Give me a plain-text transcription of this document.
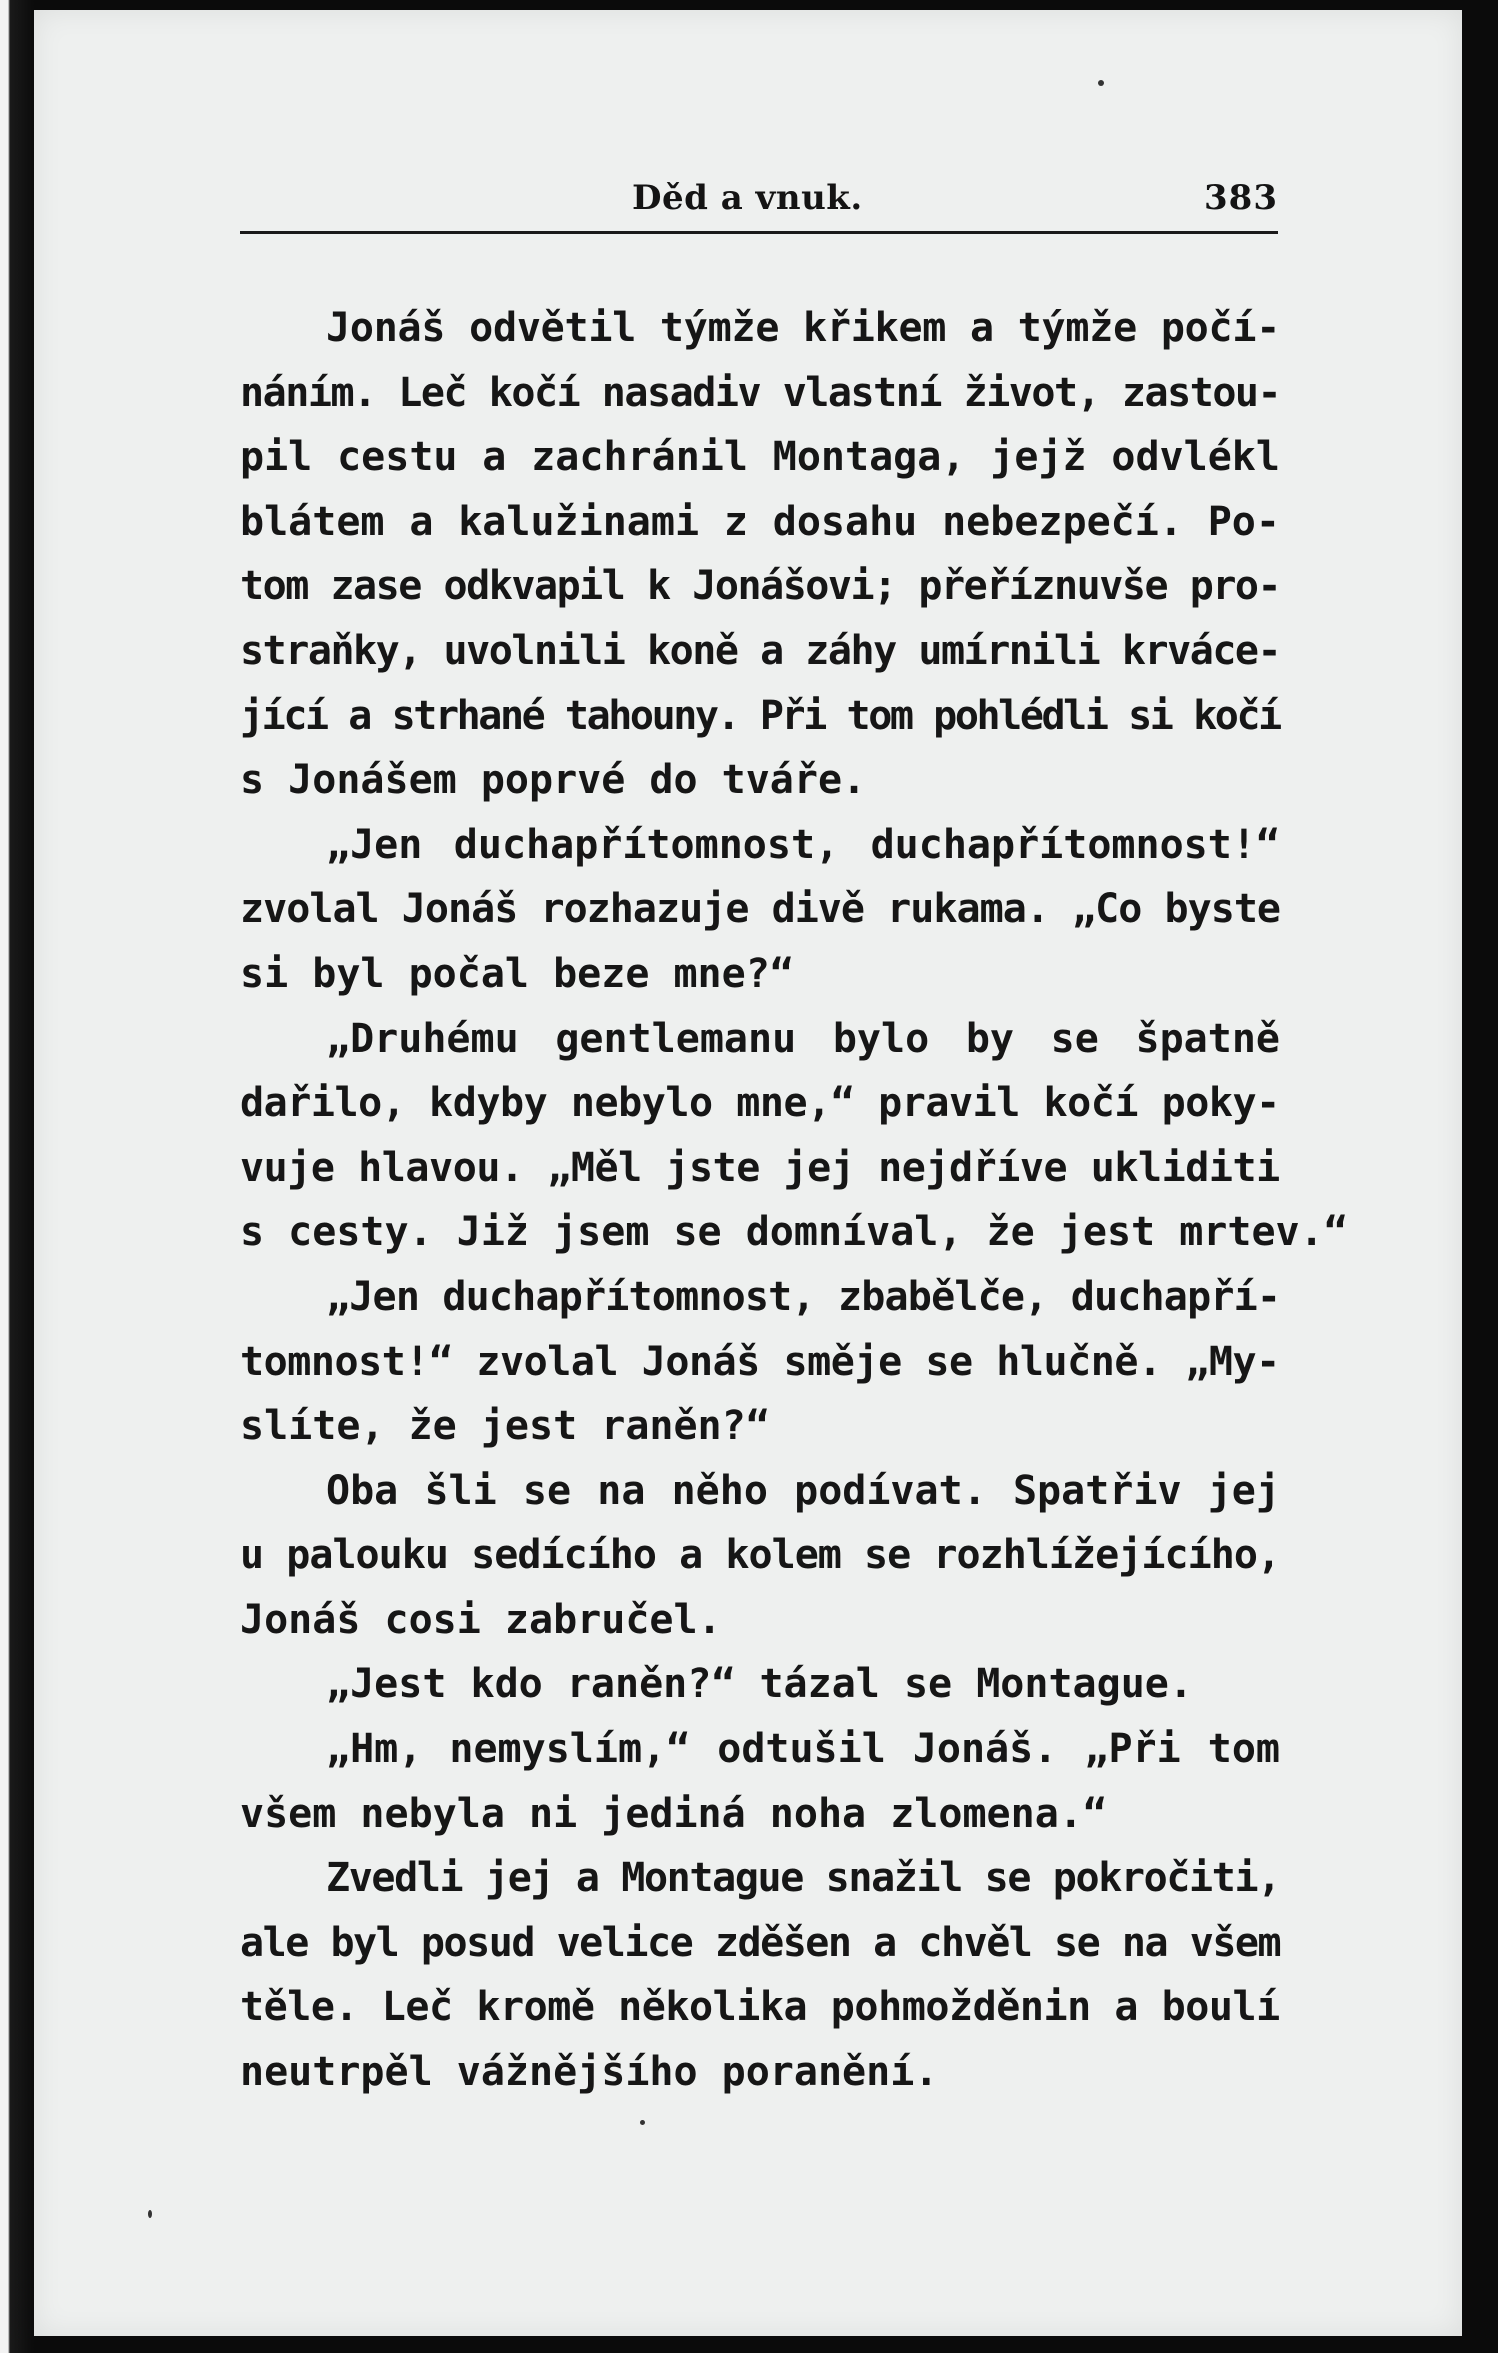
Děd a vnuk.	383
Jonáš odvětil týmže křikem a týmže počí-
náním. Leč kočí nasadiv vlastní život, zastou-
pil cestu a zachránil Montaga, jejž odvlékl
blátem a kalužinami z dosahu nebezpečí. Po-
tom zase odkvapil k Jonášovi; přeříznuvše pro-
straňky, uvolnili koně a záhy umírnili krváce-
jící a strhané tahouny. Při tom pohlédli si kočí
s Jonášem poprvé do tváře.
„Jen duchapřítomnost, duchapřítomnost!“
zvolal Jonáš rozhazuje divě rukama. „Co byste
si byl počal beze mne?“
„Druhému gentlemanu bylo by se špatně
dařilo, kdyby nebylo mne,“ pravil kočí poky-
vuje hlavou. „Měl jste jej nejdříve ukliditi
s cesty. Již jsem se domníval, že jest mrtev.“
„Jen duchapřítomnost, zbabělče, duchapří-
tomnost!“ zvolal Jonáš směje se hlučně. „My-
slíte, že jest raněn?“
Oba šli se na něho podívat. Spatřiv jej
u palouku sedícího a kolem se rozhlížejícího,
Jonáš cosi zabručel.
„Jest kdo raněn?“ tázal se Montague.
„Hm, nemyslím,“ odtušil Jonáš. „Při tom
všem nebyla ni jediná noha zlomena.“
Zvedli jej a Montague snažil se pokročiti,
ale byl posud velice zděšen a chvěl se na všem
těle. Leč kromě několika pohmožděnin a boulí
neutrpěl vážnějšího poranění.
